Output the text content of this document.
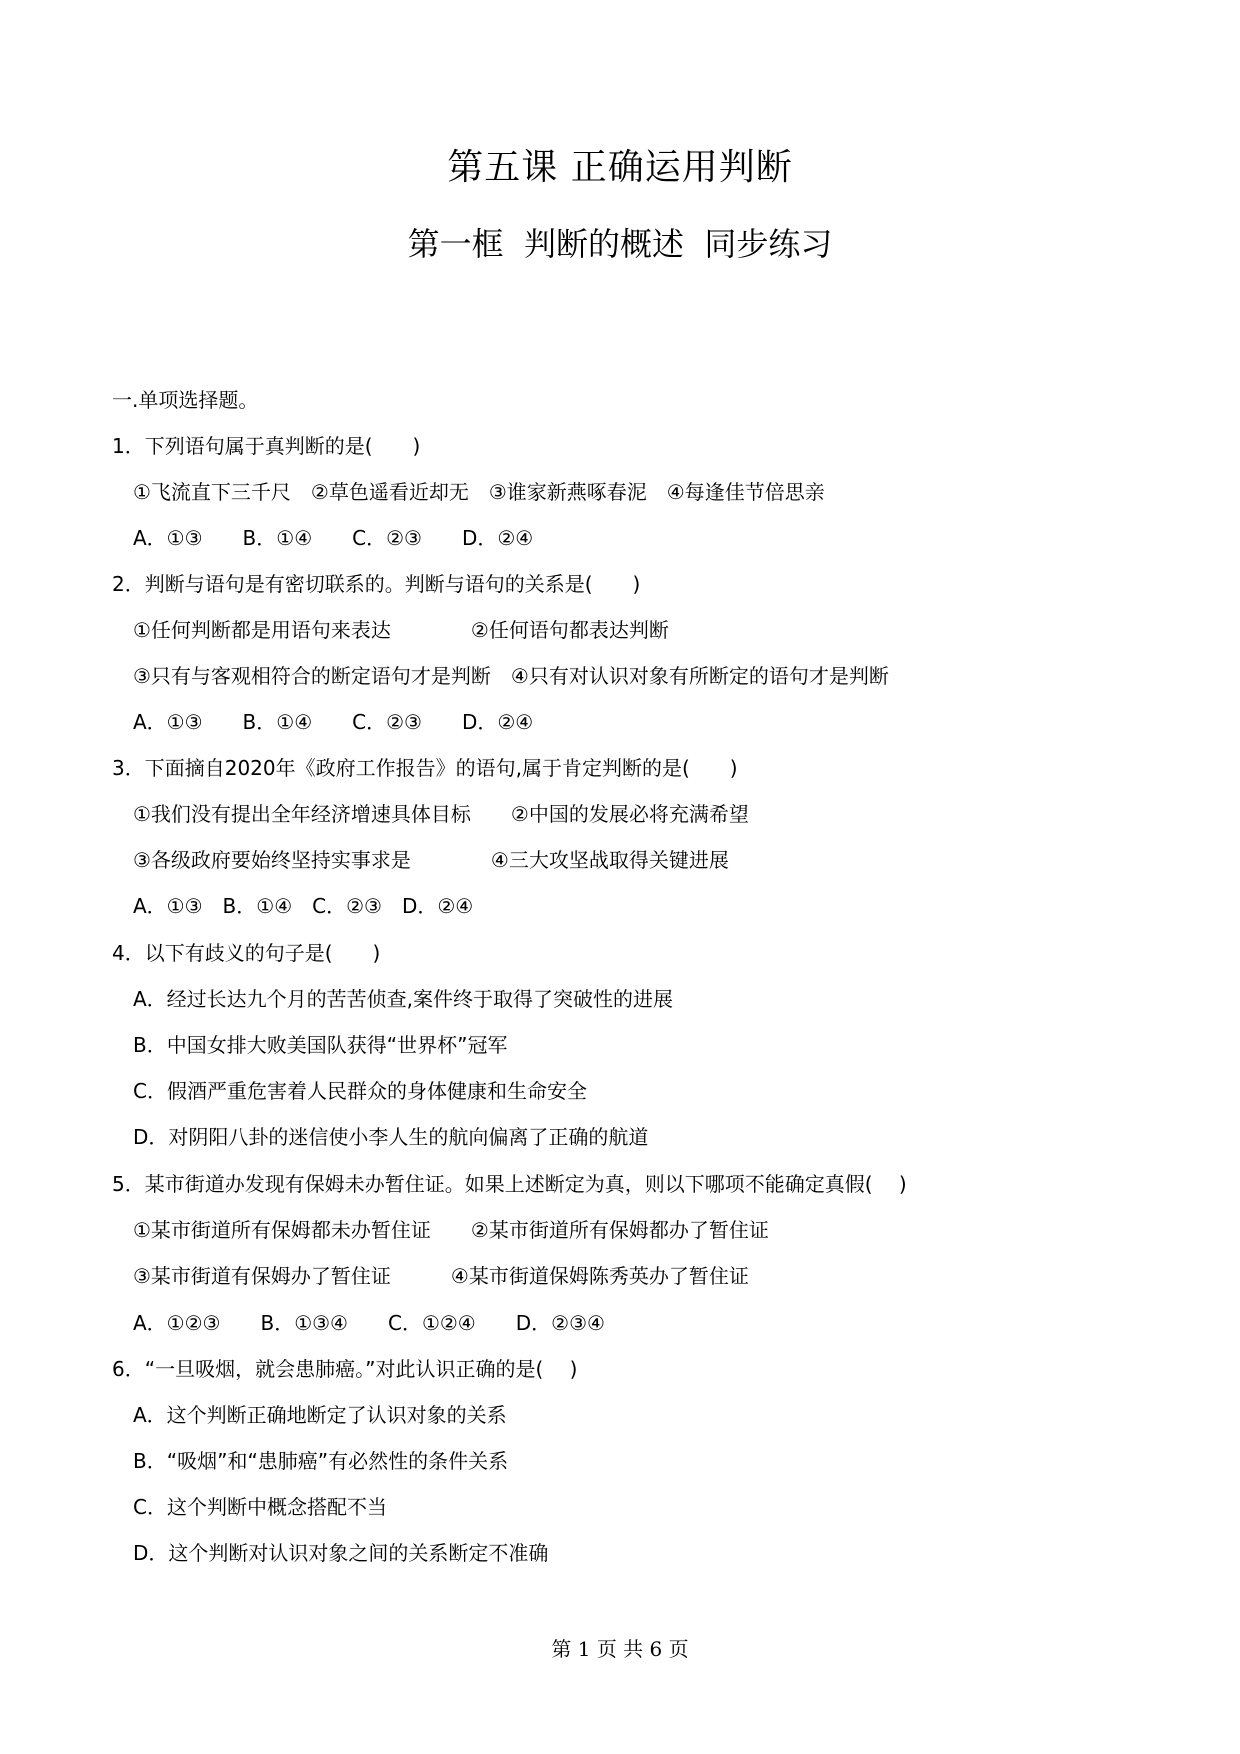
第五课 正确运用判断
第一框  判断的概述  同步练习
一.单项选择题。
1．下列语句属于真判断的是(　　)
①飞流直下三千尺　②草色遥看近却无　③谁家新燕啄春泥　④每逢佳节倍思亲
A．①③　　B．①④　　C．②③　　D．②④
2．判断与语句是有密切联系的。判断与语句的关系是(　　)
①任何判断都是用语句来表达　　　　②任何语句都表达判断
③只有与客观相符合的断定语句才是判断　④只有对认识对象有所断定的语句才是判断
A．①③　　B．①④　　C．②③　　D．②④
3．下面摘自2020年《政府工作报告》的语句,属于肯定判断的是(　　)
①我们没有提出全年经济增速具体目标　　②中国的发展必将充满希望
③各级政府要始终坚持实事求是　　　　④三大攻坚战取得关键进展
A．①③　B．①④　C．②③　D．②④
4．以下有歧义的句子是(　　)
A．经过长达九个月的苦苦侦查,案件终于取得了突破性的进展
B．中国女排大败美国队获得“世界杯”冠军
C．假酒严重危害着人民群众的身体健康和生命安全
D．对阴阳八卦的迷信使小李人生的航向偏离了正确的航道
5．某市街道办发现有保姆未办暂住证。如果上述断定为真，则以下哪项不能确定真假(　 )
①某市街道所有保姆都未办暂住证　　②某市街道所有保姆都办了暂住证
③某市街道有保姆办了暂住证　　　④某市街道保姆陈秀英办了暂住证
A．①②③　　B．①③④　　C．①②④　　D．②③④
6．“一旦吸烟，就会患肺癌。”对此认识正确的是(　 )
A．这个判断正确地断定了认识对象的关系
B．“吸烟”和“患肺癌”有必然性的条件关系
C．这个判断中概念搭配不当
D．这个判断对认识对象之间的关系断定不准确
第 1 页 共 6 页
